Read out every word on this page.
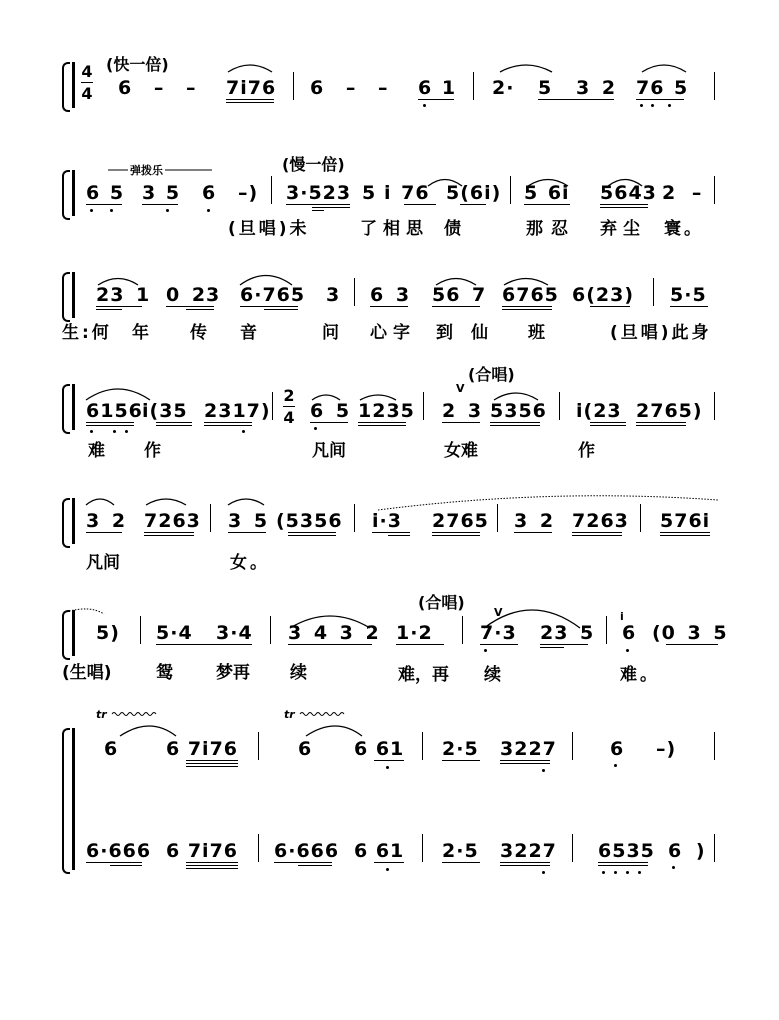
4
4
(快一倍)
6 – – 7i76 6 – – 6 1 2· 5 3 2 76 5
弹拨乐	(慢一倍)
6 5 3 5 6 –) 3·523 5 i 76 5(6i) 5 6i 5643 2 –
(旦唱)未	了相思 债	那忍 弃尘 寰。
23 1 0 23 6·765 3 6 3 56 7 6765 6(23) 5·5
生:何 年 传 音	问 心字 到仙 班	(旦唱)此身
(合唱)
V
6156 i(35 2317)
2
4 6 5 1235 2 3 5356 i(23 2765)
难 作	凡间	女难	作
3 2 7263 3 5 (5356 i·3 2765 3 2 7263 576i
凡间	女。
(合唱)
V	i
5) 5·4 3·4 3 4 3 2 1·2 7·3 23 5 6 (0 3 5
(生唱)	鸳 梦再 续	难，再 续	难。
tr	tr
6	6 7i76	6 6 61 2·5 3227	6 –)
6·666 6 7i76 6·666 6 61 2·5 3227 6535 6 )
